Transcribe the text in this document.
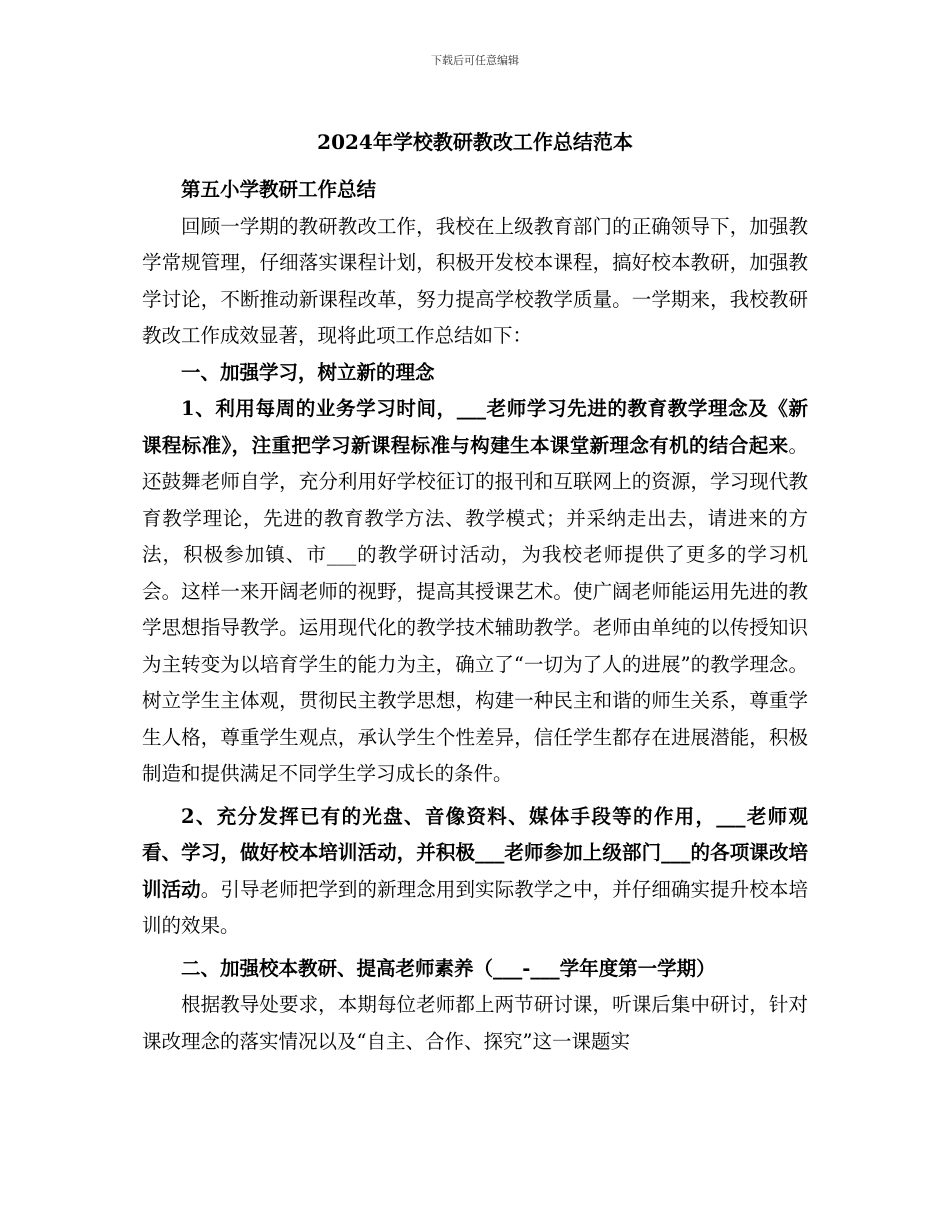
下载后可任意编辑
2024年学校教研教改工作总结范本

第五小学教研工作总结

回顾一学期的教研教改工作，我校在上级教育部门的正确领导下，加强教学常规管理，仔细落实课程计划，积极开发校本课程，搞好校本教研，加强教学讨论，不断推动新课程改革，努力提高学校教学质量。一学期来，我校教研教改工作成效显著，现将此项工作总结如下：

一、加强学习，树立新的理念

1、利用每周的业务学习时间，___老师学习先进的教育教学理念及《新课程标准》，注重把学习新课程标准与构建生本课堂新理念有机的结合起来。还鼓舞老师自学，充分利用好学校征订的报刊和互联网上的资源，学习现代教育教学理论，先进的教育教学方法、教学模式；并采纳走出去，请进来的方法，积极参加镇、市___的教学研讨活动，为我校老师提供了更多的学习机会。这样一来开阔老师的视野，提高其授课艺术。使广阔老师能运用先进的教学思想指导教学。运用现代化的教学技术辅助教学。老师由单纯的以传授知识为主转变为以培育学生的能力为主，确立了“一切为了人的进展”的教学理念。树立学生主体观，贯彻民主教学思想，构建一种民主和谐的师生关系，尊重学生人格，尊重学生观点，承认学生个性差异，信任学生都存在进展潜能，积极制造和提供满足不同学生学习成长的条件。

2、充分发挥已有的光盘、音像资料、媒体手段等的作用，___老师观看、学习，做好校本培训活动，并积极___老师参加上级部门___的各项课改培训活动。引导老师把学到的新理念用到实际教学之中，并仔细确实提升校本培训的效果。

二、加强校本教研、提高老师素养（___-___学年度第一学期）

根据教导处要求，本期每位老师都上两节研讨课，听课后集中研讨，针对课改理念的落实情况以及“自主、合作、探究”这一课题实
